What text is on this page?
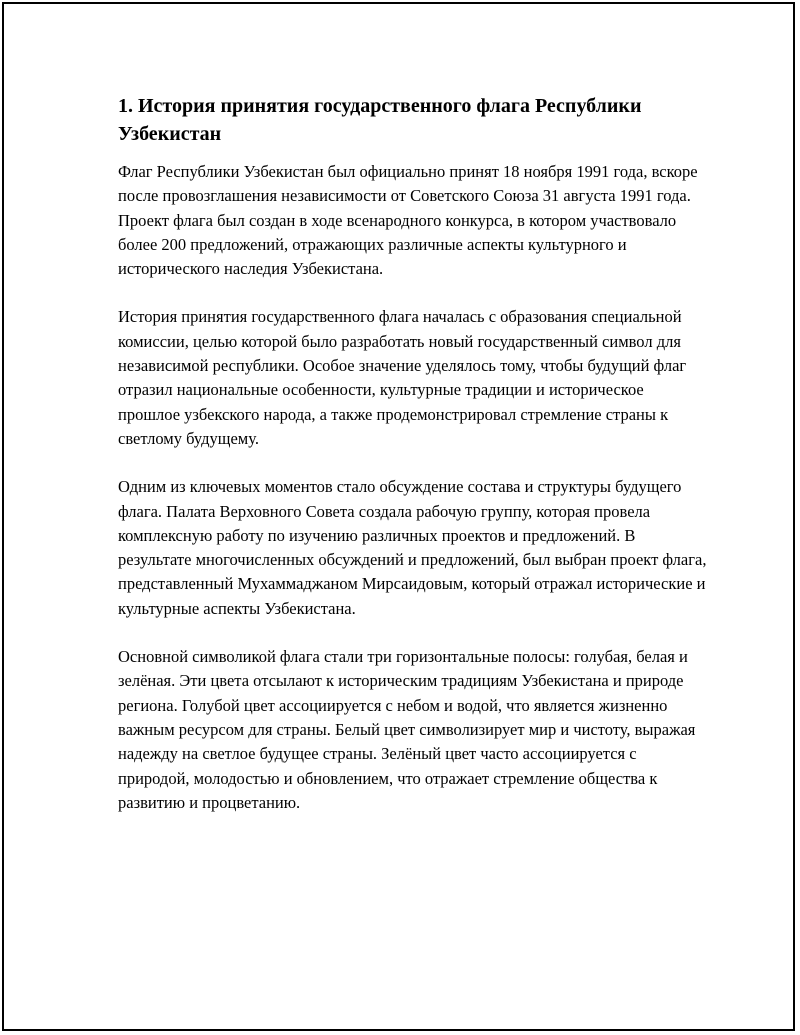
1. История принятия государственного флага Республики Узбекистан

Флаг Республики Узбекистан был официально принят 18 ноября 1991 года, вскоре после провозглашения независимости от Советского Союза 31 августа 1991 года. Проект флага был создан в ходе всенародного конкурса, в котором участвовало более 200 предложений, отражающих различные аспекты культурного и исторического наследия Узбекистана.

История принятия государственного флага началась с образования специальной комиссии, целью которой было разработать новый государственный символ для независимой республики. Особое значение уделялось тому, чтобы будущий флаг отразил национальные особенности, культурные традиции и историческое прошлое узбекского народа, а также продемонстрировал стремление страны к светлому будущему.

Одним из ключевых моментов стало обсуждение состава и структуры будущего флага. Палата Верховного Совета создала рабочую группу, которая провела комплексную работу по изучению различных проектов и предложений. В результате многочисленных обсуждений и предложений, был выбран проект флага, представленный Мухаммаджаном Мирсаидовым, который отражал исторические и культурные аспекты Узбекистана.

Основной символикой флага стали три горизонтальные полосы: голубая, белая и зелёная. Эти цвета отсылают к историческим традициям Узбекистана и природе региона. Голубой цвет ассоциируется с небом и водой, что является жизненно важным ресурсом для страны. Белый цвет символизирует мир и чистоту, выражая надежду на светлое будущее страны. Зелёный цвет часто ассоциируется с природой, молодостью и обновлением, что отражает стремление общества к развитию и процветанию.
